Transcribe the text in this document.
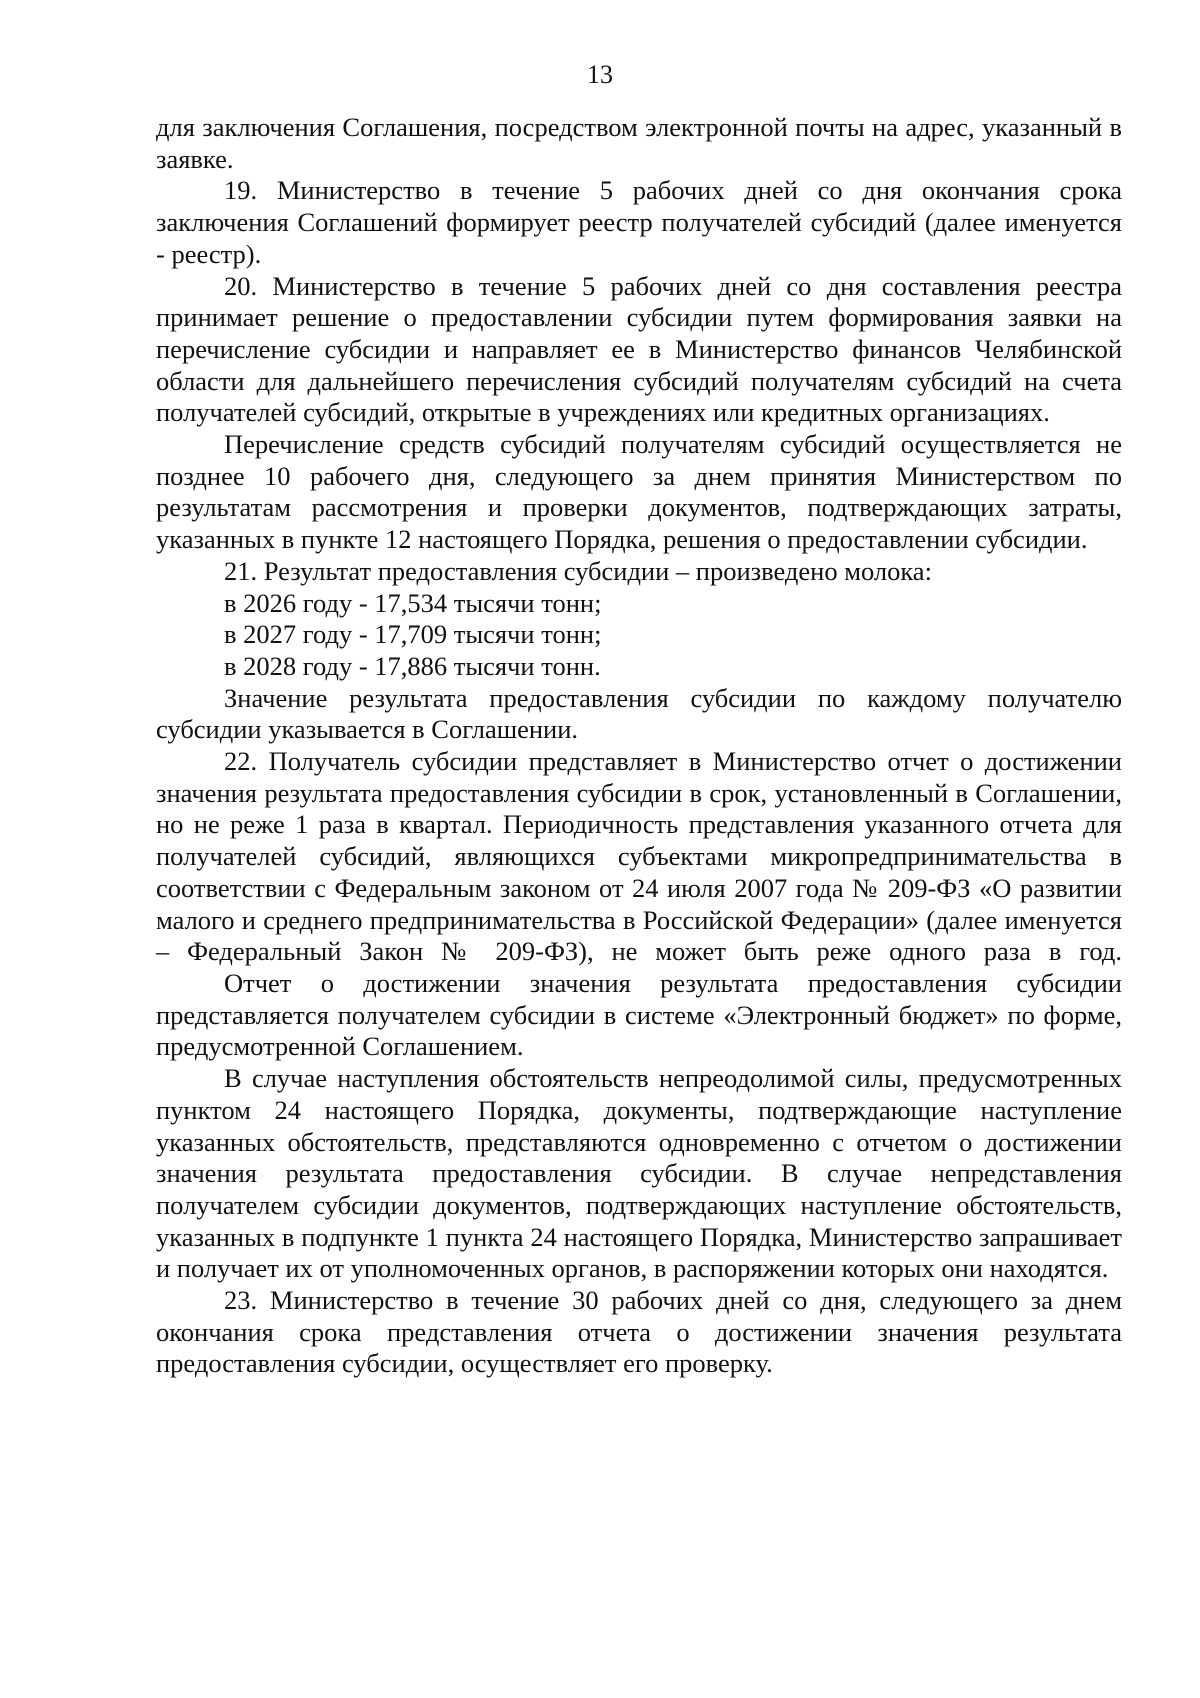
13

для заключения Соглашения, посредством электронной почты на адрес, указанный в заявке.

19. Министерство в течение 5 рабочих дней со дня окончания срока заключения Соглашений формирует реестр получателей субсидий (далее именуется - реестр).

20. Министерство в течение 5 рабочих дней со дня составления реестра принимает решение о предоставлении субсидии путем формирования заявки на перечисление субсидии и направляет ее в Министерство финансов Челябинской области для дальнейшего перечисления субсидий получателям субсидий на счета получателей субсидий, открытые в учреждениях или кредитных организациях.

Перечисление средств субсидий получателям субсидий осуществляется не позднее 10 рабочего дня, следующего за днем принятия Министерством по результатам рассмотрения и проверки документов, подтверждающих затраты, указанных в пункте 12 настоящего Порядка, решения о предоставлении субсидии.

21. Результат предоставления субсидии – произведено молока:

в 2026 году - 17,534 тысячи тонн;

в 2027 году - 17,709 тысячи тонн;

в 2028 году - 17,886 тысячи тонн.

Значение результата предоставления субсидии по каждому получателю субсидии указывается в Соглашении.

22. Получатель субсидии представляет в Министерство отчет о достижении значения результата предоставления субсидии в срок, установленный в Соглашении, но не реже 1 раза в квартал. Периодичность представления указанного отчета для получателей субсидий, являющихся субъектами микропредпринимательства в соответствии с Федеральным законом от 24 июля 2007 года № 209-ФЗ «О развитии малого и среднего предпринимательства в Российской Федерации» (далее именуется – Федеральный Закон № 209-ФЗ), не может быть реже одного раза в год.

Отчет о достижении значения результата предоставления субсидии представляется получателем субсидии в системе «Электронный бюджет» по форме, предусмотренной Соглашением.

В случае наступления обстоятельств непреодолимой силы, предусмотренных пунктом 24 настоящего Порядка, документы, подтверждающие наступление указанных обстоятельств, представляются одновременно с отчетом о достижении значения результата предоставления субсидии. В случае непредставления получателем субсидии документов, подтверждающих наступление обстоятельств, указанных в подпункте 1 пункта 24 настоящего Порядка, Министерство запрашивает и получает их от уполномоченных органов, в распоряжении которых они находятся.

23. Министерство в течение 30 рабочих дней со дня, следующего за днем окончания срока представления отчета о достижении значения результата предоставления субсидии, осуществляет его проверку.
